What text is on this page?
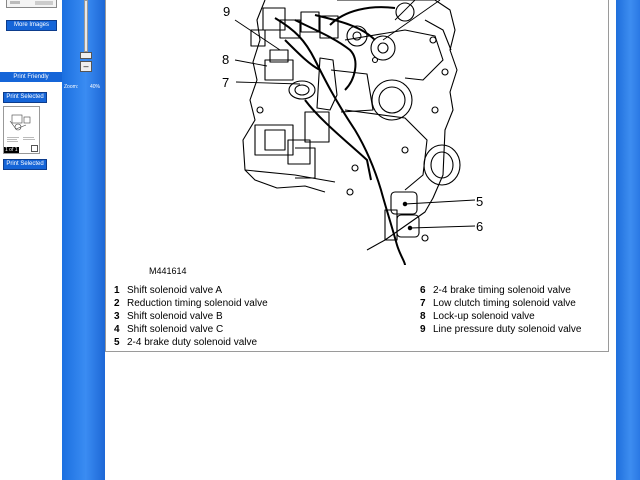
More Images
Print Friendly
Print Selected
1 of 1
Print Selected
–
Zoom: 40%
9
8
7
5
6
M441614
1 Shift solenoid valve A
2 Reduction timing solenoid valve
3 Shift solenoid valve B
4 Shift solenoid valve C
5 2-4 brake duty solenoid valve
6 2-4 brake timing solenoid valve
7 Low clutch timing solenoid valve
8 Lock-up solenoid valve
9 Line pressure duty solenoid valve
